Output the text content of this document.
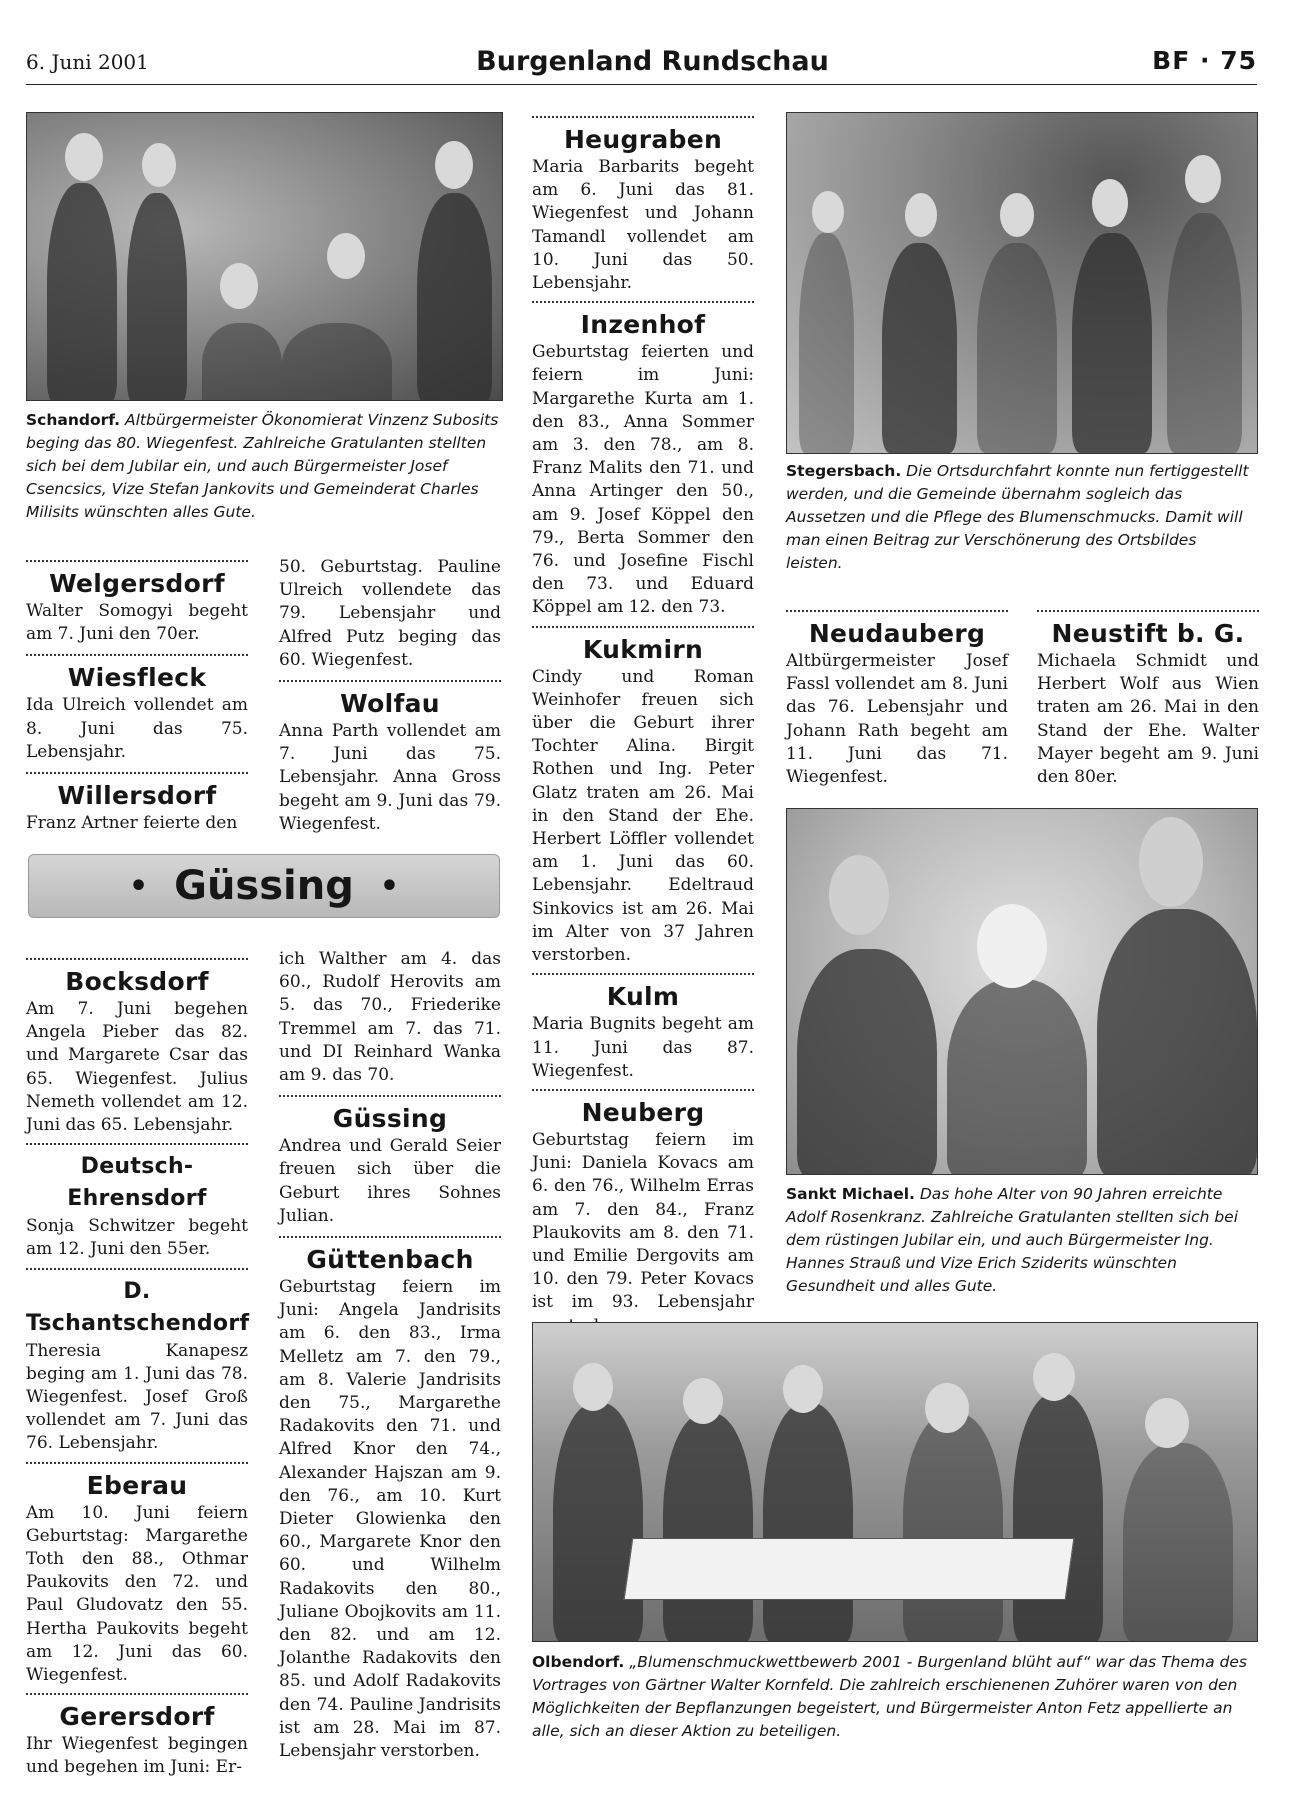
6. Juni 2001	Burgenland Rundschau	BF · 75
Schandorf. Altbürgermeister Ökonomierat Vinzenz Subosits beging das 80. Wiegenfest. Zahlreiche Gratulanten stellten sich bei dem Jubilar ein, und auch Bürgermeister Josef Csencsics, Vize Stefan Jankovits und Gemeinderat Charles Milisits wünschten alles Gute.
Stegersbach. Die Ortsdurchfahrt konnte nun fertiggestellt werden, und die Gemeinde übernahm sogleich das Aussetzen und die Pflege des Blumenschmucks. Damit will man einen Beitrag zur Verschönerung des Ortsbildes leisten.
Welgersdorf

Walter Somogyi begeht am 7. Juni den 70er.

Wiesfleck

Ida Ulreich vollendet am 8. Juni das 75. Lebensjahr.

Willersdorf

Franz Artner feierte den

50. Geburtstag. Pauline Ulreich vollendete das 79. Lebensjahr und Alfred Putz beging das 60. Wiegenfest.

Wolfau

Anna Parth vollendet am 7. Juni das 75. Lebensjahr. Anna Gross begeht am 9. Juni das 79. Wiegenfest.

• Güssing •
Heugraben

Maria Barbarits begeht am 6. Juni das 81. Wiegenfest und Johann Tamandl vollendet am 10. Juni das 50. Lebensjahr.

Inzenhof

Geburtstag feierten und feiern im Juni: Margarethe Kurta am 1. den 83., Anna Sommer am 3. den 78., am 8. Franz Malits den 71. und Anna Artinger den 50., am 9. Josef Köppel den 79., Berta Sommer den 76. und Josefine Fischl den 73. und Eduard Köppel am 12. den 73.

Kukmirn

Cindy und Roman Weinhofer freuen sich über die Geburt ihrer Tochter Alina. Birgit Rothen und Ing. Peter Glatz traten am 26. Mai in den Stand der Ehe. Herbert Löffler vollendet am 1. Juni das 60. Lebensjahr. Edeltraud Sinkovics ist am 26. Mai im Alter von 37 Jahren verstorben.

Kulm

Maria Bugnits begeht am 11. Juni das 87. Wiegenfest.

Neuberg

Geburtstag feiern im Juni: Daniela Kovacs am 6. den 76., Wilhelm Erras am 7. den 84., Franz Plaukovits am 8. den 71. und Emilie Dergovits am 10. den 79. Peter Kovacs ist im 93. Lebensjahr

Neudauberg

Altbürgermeister Josef Fassl vollendet am 8. Juni das 76. Lebensjahr und Johann Rath begeht am 11. Juni das 71. Wiegenfest.

Neustift b. G.

Michaela Schmidt und Herbert Wolf aus Wien traten am 26. Mai in den Stand der Ehe. Walter Mayer begeht am 9. Juni den 80er.

Sankt Michael. Das hohe Alter von 90 Jahren erreichte Adolf Rosenkranz. Zahlreiche Gratulanten stellten sich bei dem rüstingen Jubilar ein, und auch Bürgermeister Ing. Hannes Strauß und Vize Erich Sziderits wünschten Gesundheit und alles Gute.
Olbendorf. „Blumenschmuckwettbewerb 2001 - Burgenland blüht auf“ war das Thema des Vortrages von Gärtner Walter Kornfeld. Die zahlreich erschienenen Zuhörer waren von den Möglichkeiten der Bepflanzungen begeistert, und Bürgermeister Anton Fetz appellierte an alle, sich an dieser Aktion zu beteiligen.
Bocksdorf

Am 7. Juni begehen Angela Pieber das 82. und Margarete Csar das 65. Wiegenfest. Julius Nemeth vollendet am 12. Juni das 65. Lebensjahr.

Deutsch-Ehrensdorf

Sonja Schwitzer begeht am 12. Juni den 55er.

D. Tschantschendorf

Theresia Kanapesz beging am 1. Juni das 78. Wiegenfest. Josef Groß vollendet am 7. Juni das 76. Lebensjahr.

Eberau

Am 10. Juni feiern Geburtstag: Margarethe Toth den 88., Othmar Paukovits den 72. und Paul Gludovatz den 55. Hertha Paukovits begeht am 12. Juni das 60. Wiegenfest.

Gerersdorf

Ihr Wiegenfest begingen und begehen im Juni: Er-

ich Walther am 4. das 60., Rudolf Herovits am 5. das 70., Friederike Tremmel am 7. das 71. und DI Reinhard Wanka am 9. das 70.

Güssing

Andrea und Gerald Seier freuen sich über die Geburt ihres Sohnes Julian.

Güttenbach

Geburtstag feiern im Juni: Angela Jandrisits am 6. den 83., Irma Melletz am 7. den 79., am 8. Valerie Jandrisits den 75., Margarethe Radakovits den 71. und Alfred Knor den 74., Alexander Hajszan am 9. den 76., am 10. Kurt Dieter Glowienka den 60., Margarete Knor den 60. und Wilhelm Radakovits den 80., Juliane Obojkovits am 11. den 82. und am 12. Jolanthe Radakovits den 85. und Adolf Radakovits den 74. Pauline Jandrisits ist am 28. Mai im 87. Lebensjahr verstorben.
